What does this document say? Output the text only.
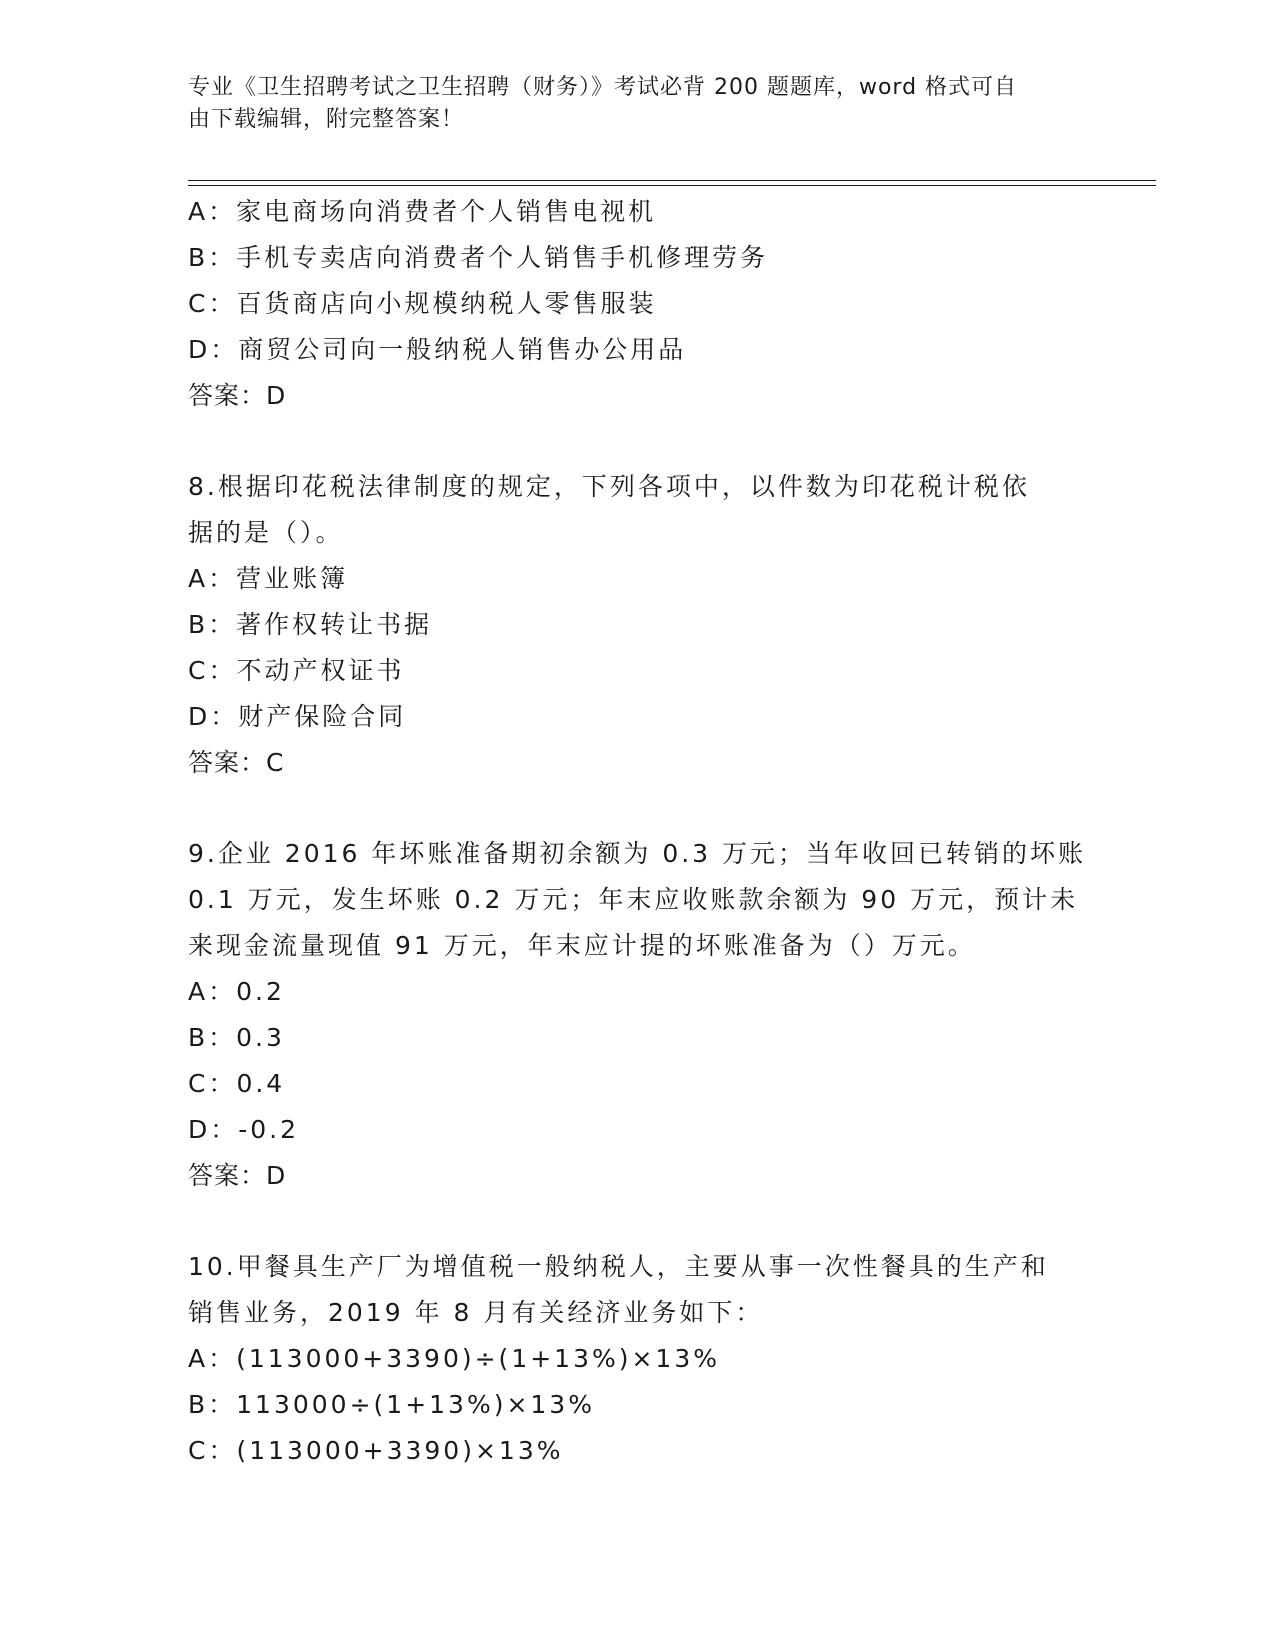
专业《卫生招聘考试之卫生招聘（财务）》考试必背 200 题题库，word 格式可自
由下载编辑，附完整答案！
A：家电商场向消费者个人销售电视机
B：手机专卖店向消费者个人销售手机修理劳务
C：百货商店向小规模纳税人零售服装
D：商贸公司向一般纳税人销售办公用品
答案：D
8.根据印花税法律制度的规定，下列各项中，以件数为印花税计税依
据的是（）。
A：营业账簿
B：著作权转让书据
C：不动产权证书
D：财产保险合同
答案：C
9.企业 2016 年坏账准备期初余额为 0.3 万元；当年收回已转销的坏账
0.1 万元，发生坏账 0.2 万元；年末应收账款余额为 90 万元，预计未
来现金流量现值 91 万元，年末应计提的坏账准备为（）万元。
A：0.2
B：0.3
C：0.4
D：-0.2
答案：D
10.甲餐具生产厂为增值税一般纳税人，主要从事一次性餐具的生产和
销售业务，2019 年 8 月有关经济业务如下：
A：(113000+3390)÷(1+13%)×13%
B：113000÷(1+13%)×13%
C：(113000+3390)×13%
